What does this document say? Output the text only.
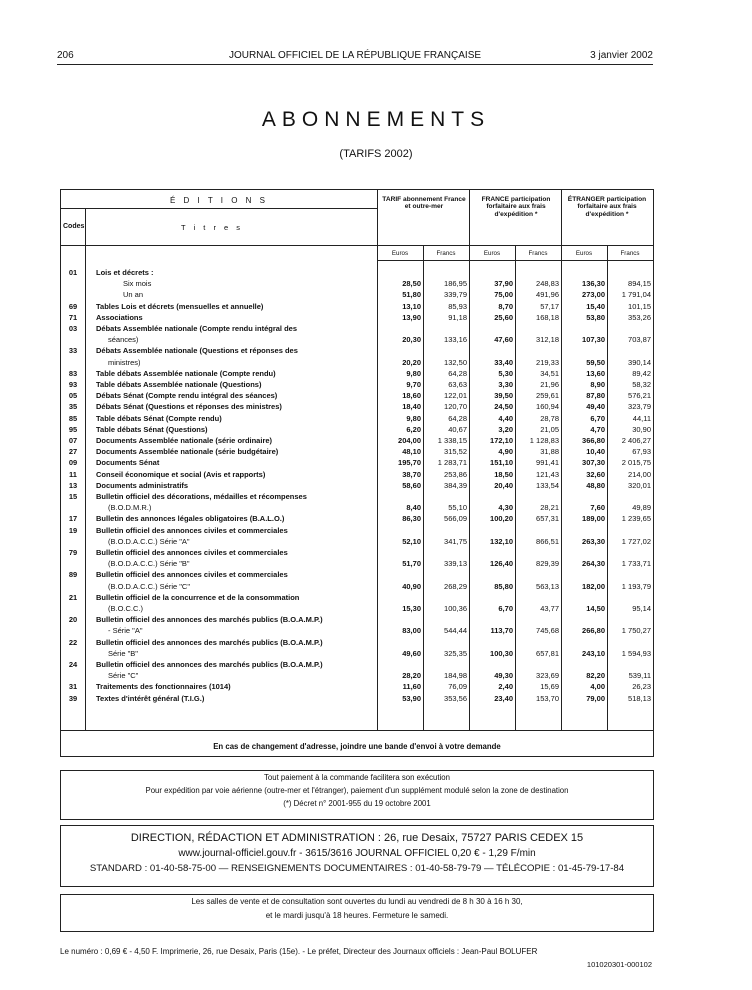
206	JOURNAL OFFICIEL DE LA RÉPUBLIQUE FRANÇAISE	3 janvier 2002
ABONNEMENTS
(TARIFS 2002)
É D I T I O N S
Codes	T i t r e s
TARIF abonnement France et outre-mer
FRANCE participation forfaitaire aux frais d'expédition *
ÉTRANGER participation forfaitaire aux frais d'expédition *
Euros	Francs	Euros	Francs	Euros	Francs
01	Lois et décrets :
Six mois	28,50	186,95	37,90	248,83	136,30	894,15
Un an	51,80	339,79	75,00	491,96	273,00	1 791,04
69	Tables Lois et décrets (mensuelles et annuelle)	13,10	85,93	8,70	57,17	15,40	101,15
71	Associations	13,90	91,18	25,60	168,18	53,80	353,26
03	Débats Assemblée nationale (Compte rendu intégral des
séances)	20,30	133,16	47,60	312,18	107,30	703,87
33	Débats Assemblée nationale (Questions et réponses des
ministres)	20,20	132,50	33,40	219,33	59,50	390,14
83	Table débats Assemblée nationale (Compte rendu)	9,80	64,28	5,30	34,51	13,60	89,42
93	Table débats Assemblée nationale (Questions)	9,70	63,63	3,30	21,96	8,90	58,32
05	Débats Sénat (Compte rendu intégral des séances)	18,60	122,01	39,50	259,61	87,80	576,21
35	Débats Sénat (Questions et réponses des ministres)	18,40	120,70	24,50	160,94	49,40	323,79
85	Table débats Sénat (Compte rendu)	9,80	64,28	4,40	28,78	6,70	44,11
95	Table débats Sénat (Questions)	6,20	40,67	3,20	21,05	4,70	30,90
07	Documents Assemblée nationale (série ordinaire)	204,00	1 338,15	172,10	1 128,83	366,80	2 406,27
27	Documents Assemblée nationale (série budgétaire)	48,10	315,52	4,90	31,88	10,40	67,93
09	Documents Sénat	195,70	1 283,71	151,10	991,41	307,30	2 015,75
11	Conseil économique et social (Avis et rapports)	38,70	253,86	18,50	121,43	32,60	214,00
13	Documents administratifs	58,60	384,39	20,40	133,54	48,80	320,01
15	Bulletin officiel des décorations, médailles et récompenses
(B.O.D.M.R.)	8,40	55,10	4,30	28,21	7,60	49,89
17	Bulletin des annonces légales obligatoires (B.A.L.O.)	86,30	566,09	100,20	657,31	189,00	1 239,65
19	Bulletin officiel des annonces civiles et commerciales
(B.O.D.A.C.C.) Série "A"	52,10	341,75	132,10	866,51	263,30	1 727,02
79	Bulletin officiel des annonces civiles et commerciales
(B.O.D.A.C.C.) Série "B"	51,70	339,13	126,40	829,39	264,30	1 733,71
89	Bulletin officiel des annonces civiles et commerciales
(B.O.D.A.C.C.) Série "C"	40,90	268,29	85,80	563,13	182,00	1 193,79
21	Bulletin officiel de la concurrence et de la consommation
(B.O.C.C.)	15,30	100,36	6,70	43,77	14,50	95,14
20	Bulletin officiel des annonces des marchés publics (B.O.A.M.P.)
- Série "A"	83,00	544,44	113,70	745,68	266,80	1 750,27
22	Bulletin officiel des annonces des marchés publics (B.O.A.M.P.)
Série "B"	49,60	325,35	100,30	657,81	243,10	1 594,93
24	Bulletin officiel des annonces des marchés publics (B.O.A.M.P.)
Série "C"	28,20	184,98	49,30	323,69	82,20	539,11
31	Traitements des fonctionnaires (1014)	11,60	76,09	2,40	15,69	4,00	26,23
39	Textes d'intérêt général (T.I.G.)	53,90	353,56	23,40	153,70	79,00	518,13
En cas de changement d'adresse, joindre une bande d'envoi à votre demande
Tout paiement à la commande facilitera son exécution
Pour expédition par voie aérienne (outre-mer et l'étranger), paiement d'un supplément modulé selon la zone de destination
(*) Décret n° 2001-955 du 19 octobre 2001
DIRECTION, RÉDACTION ET ADMINISTRATION : 26, rue Desaix, 75727 PARIS CEDEX 15
www.journal-officiel.gouv.fr - 3615/3616 JOURNAL OFFICIEL 0,20 € - 1,29 F/min
STANDARD : 01-40-58-75-00 — RENSEIGNEMENTS DOCUMENTAIRES : 01-40-58-79-79 — TÉLÉCOPIE : 01-45-79-17-84
Les salles de vente et de consultation sont ouvertes du lundi au vendredi de 8 h 30 à 16 h 30,
et le mardi jusqu'à 18 heures. Fermeture le samedi.
Le numéro : 0,69 € - 4,50 F. Imprimerie, 26, rue Desaix, Paris (15e). - Le préfet, Directeur des Journaux officiels : Jean-Paul BOLUFER
101020301-000102
